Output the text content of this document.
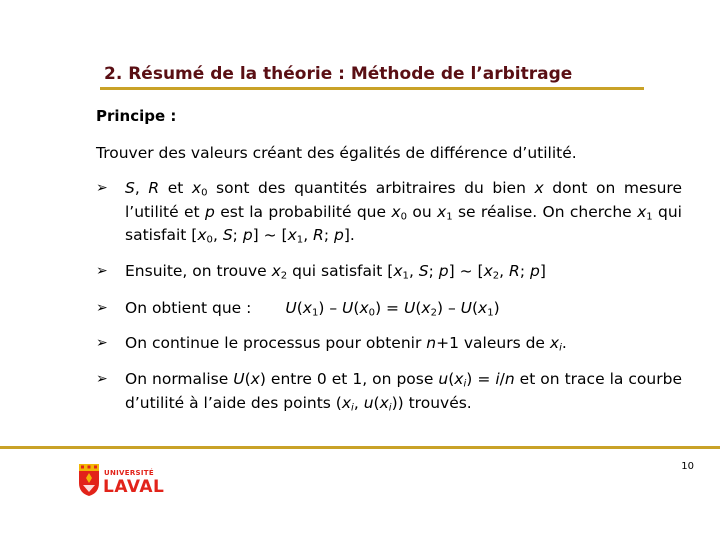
2. Résumé de la théorie : Méthode de l’arbitrage
Principe :
Trouver des valeurs créant des égalités de différence d’utilité.
➢ S, R et $x_0$ sont des quantités arbitraires du bien x dont on mesure l’utilité et p est la probabilité que $x_0$ ou $x_1$ se réalise. On cherche $x_1$ qui satisfait [$x_0$, S; p] ~ [$x_1$, R; p].
➢ Ensuite, on trouve $x_2$ qui satisfait [$x_1$, S; p] ~ [$x_2$, R; p]
➢ On obtient que : $U(x_1) - U(x_0) = U(x_2) - U(x_1)$
➢ On continue le processus pour obtenir n+1 valeurs de $x_i$.
➢ On normalise U(x) entre 0 et 1, on pose $u(x_i) = i/n$ et on trace la courbe d’utilité à l’aide des points ($x_i$, $u(x_i)$) trouvés.
10
UNIVERSITÉ
LAVAL
